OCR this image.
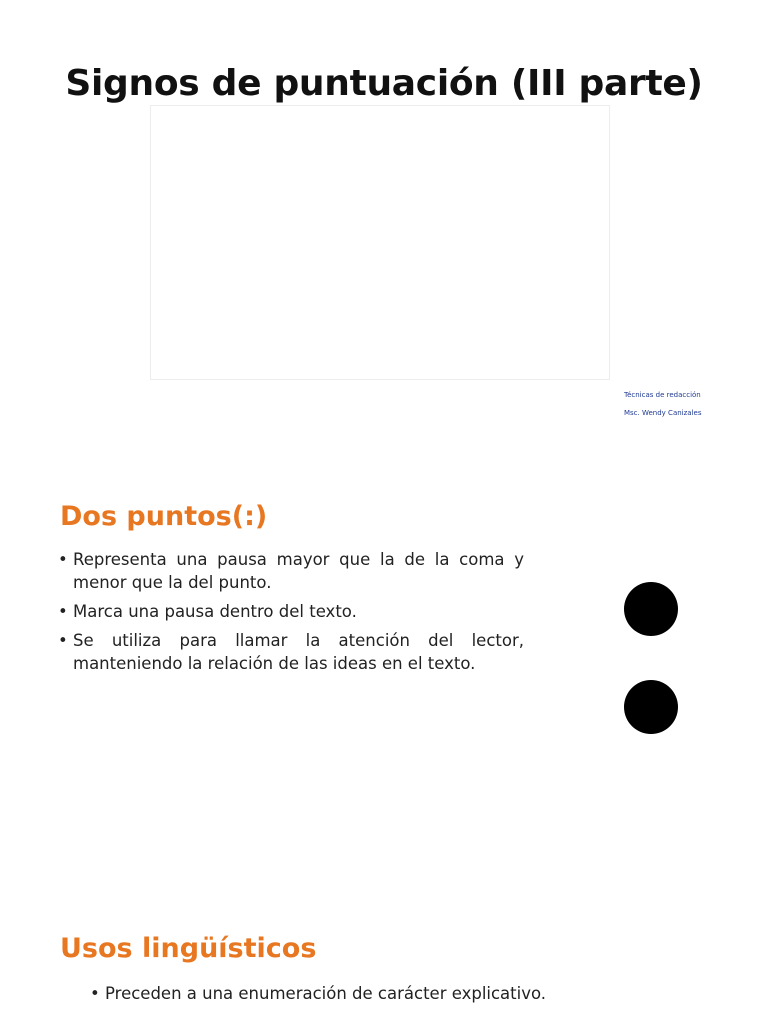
Signos de puntuación (III parte)
Técnicas de redacción
Msc. Wendy Canizales
Dos puntos(:)
• Representa una pausa mayor que la de la coma y menor que la del punto.
• Marca una pausa dentro del texto.
• Se utiliza para llamar la atención del lector, manteniendo la relación de las ideas en el texto.
Usos lingüísticos
• Preceden a una enumeración de carácter explicativo.
